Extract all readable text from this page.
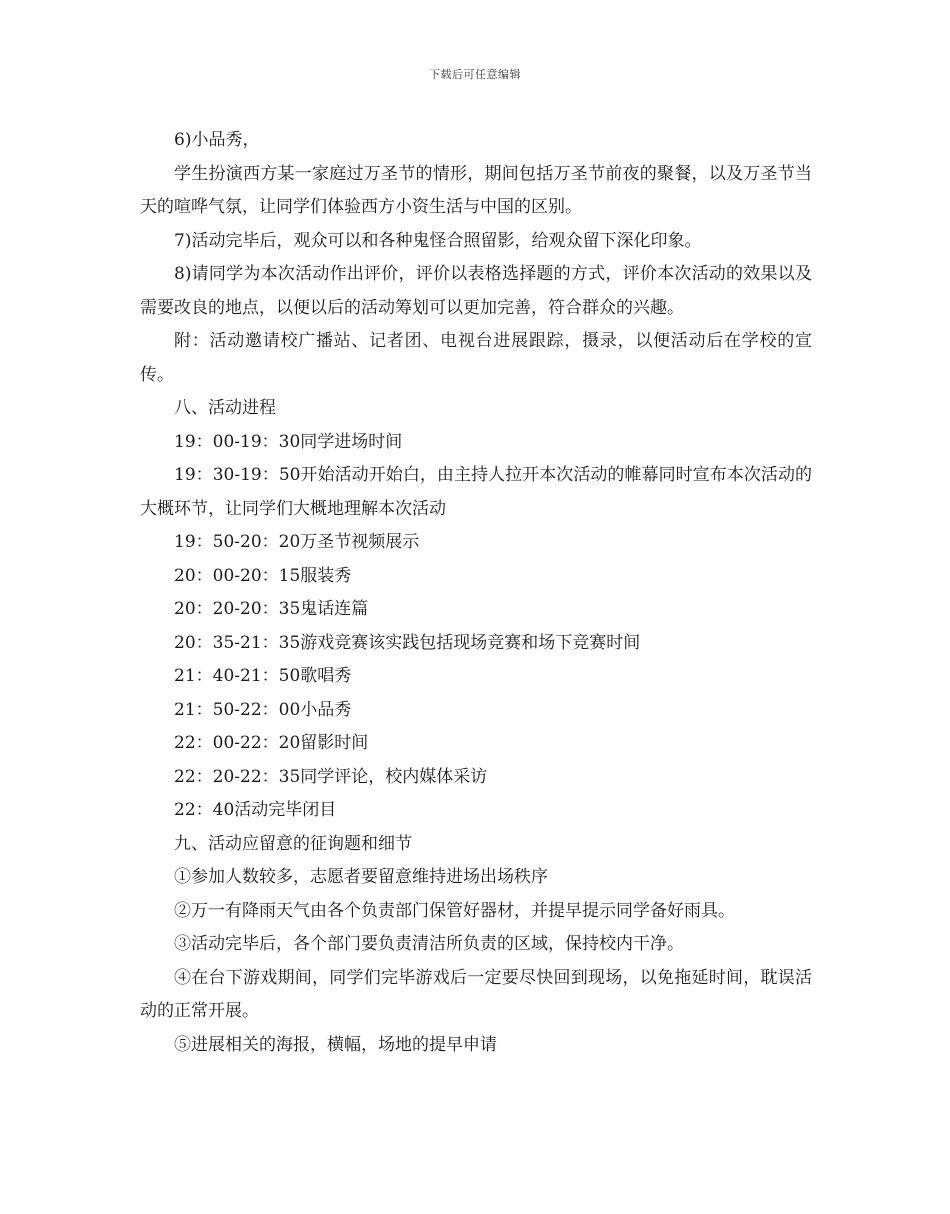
下载后可任意编辑

6)小品秀，

学生扮演西方某一家庭过万圣节的情形，期间包括万圣节前夜的聚餐，以及万圣节当天的喧哗气氛，让同学们体验西方小资生活与中国的区别。

7)活动完毕后，观众可以和各种鬼怪合照留影，给观众留下深化印象。

8)请同学为本次活动作出评价，评价以表格选择题的方式，评价本次活动的效果以及需要改良的地点，以便以后的活动筹划可以更加完善，符合群众的兴趣。

附：活动邀请校广播站、记者团、电视台进展跟踪，摄录，以便活动后在学校的宣传。

八、活动进程

19：00-19：30同学进场时间

19：30-19：50开始活动开始白，由主持人拉开本次活动的帷幕同时宣布本次活动的大概环节，让同学们大概地理解本次活动

19：50-20：20万圣节视频展示

20：00-20：15服装秀

20：20-20：35鬼话连篇

20：35-21：35游戏竞赛该实践包括现场竞赛和场下竞赛时间

21：40-21：50歌唱秀

21：50-22：00小品秀

22：00-22：20留影时间

22：20-22：35同学评论，校内媒体采访

22：40活动完毕闭目

九、活动应留意的征询题和细节

①参加人数较多，志愿者要留意维持进场出场秩序

②万一有降雨天气由各个负责部门保管好器材，并提早提示同学备好雨具。

③活动完毕后，各个部门要负责清洁所负责的区域，保持校内干净。

④在台下游戏期间，同学们完毕游戏后一定要尽快回到现场，以免拖延时间，耽误活动的正常开展。

⑤进展相关的海报，横幅，场地的提早申请
